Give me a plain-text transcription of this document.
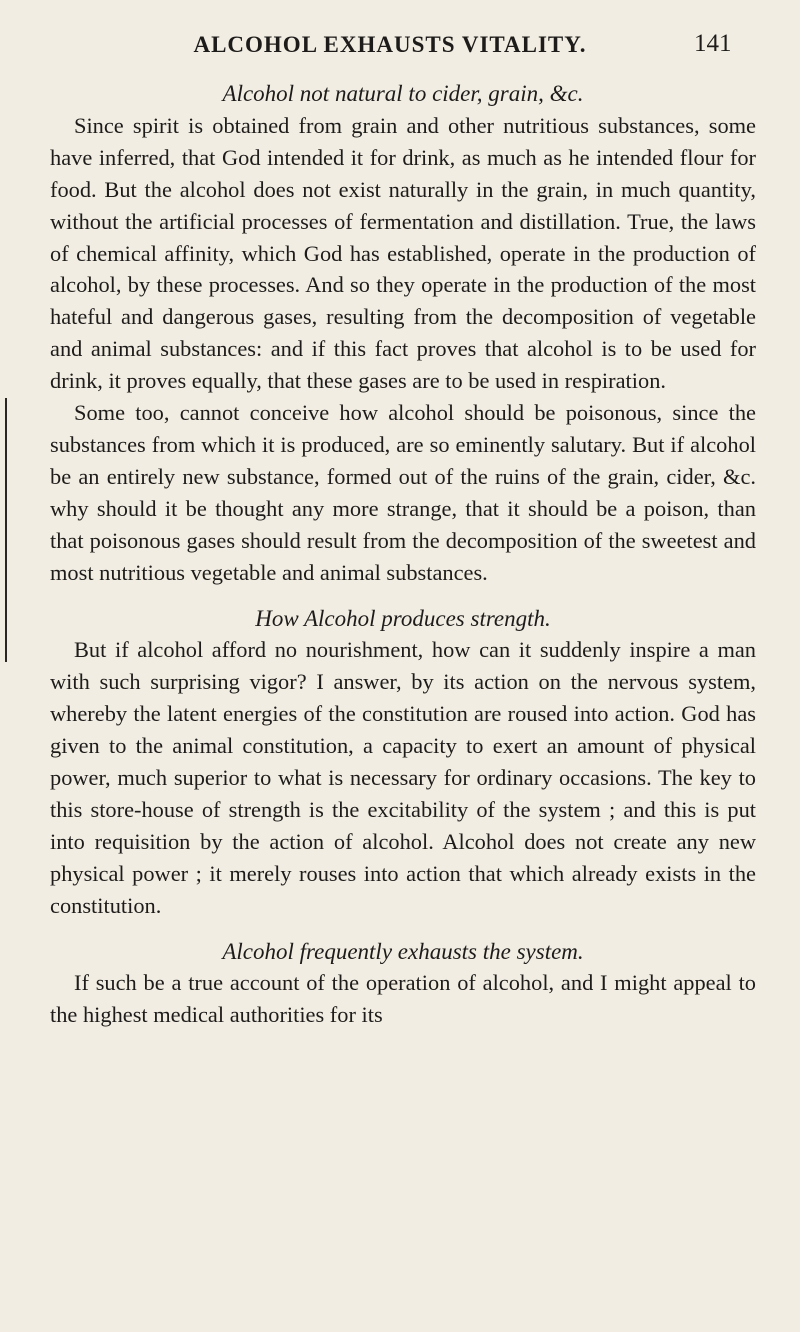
ALCOHOL EXHAUSTS VITALITY.	141

Alcohol not natural to cider, grain, &c.

Since spirit is obtained from grain and other nutritious substances, some have inferred, that God intended it for drink, as much as he intended flour for food. But the alcohol does not exist naturally in the grain, in much quantity, without the artificial processes of fermentation and distillation. True, the laws of chemical affinity, which God has established, operate in the production of alcohol, by these processes. And so they operate in the production of the most hateful and dangerous gases, resulting from the decomposition of vegetable and animal substances: and if this fact proves that alcohol is to be used for drink, it proves equally, that these gases are to be used in respiration.

Some too, cannot conceive how alcohol should be poisonous, since the substances from which it is produced, are so eminently salutary. But if alcohol be an entirely new substance, formed out of the ruins of the grain, cider, &c. why should it be thought any more strange, that it should be a poison, than that poisonous gases should result from the decomposition of the sweetest and most nutritious vegetable and animal substances.

How Alcohol produces strength.

But if alcohol afford no nourishment, how can it suddenly inspire a man with such surprising vigor? I answer, by its action on the nervous system, whereby the latent energies of the constitution are roused into action. God has given to the animal constitution, a capacity to exert an amount of physical power, much superior to what is necessary for ordinary occasions. The key to this store-house of strength is the excitability of the system ; and this is put into requisition by the action of alcohol. Alcohol does not create any new physical power ; it merely rouses into action that which already exists in the constitution.

Alcohol frequently exhausts the system.

If such be a true account of the operation of alcohol, and I might appeal to the highest medical authorities for its
